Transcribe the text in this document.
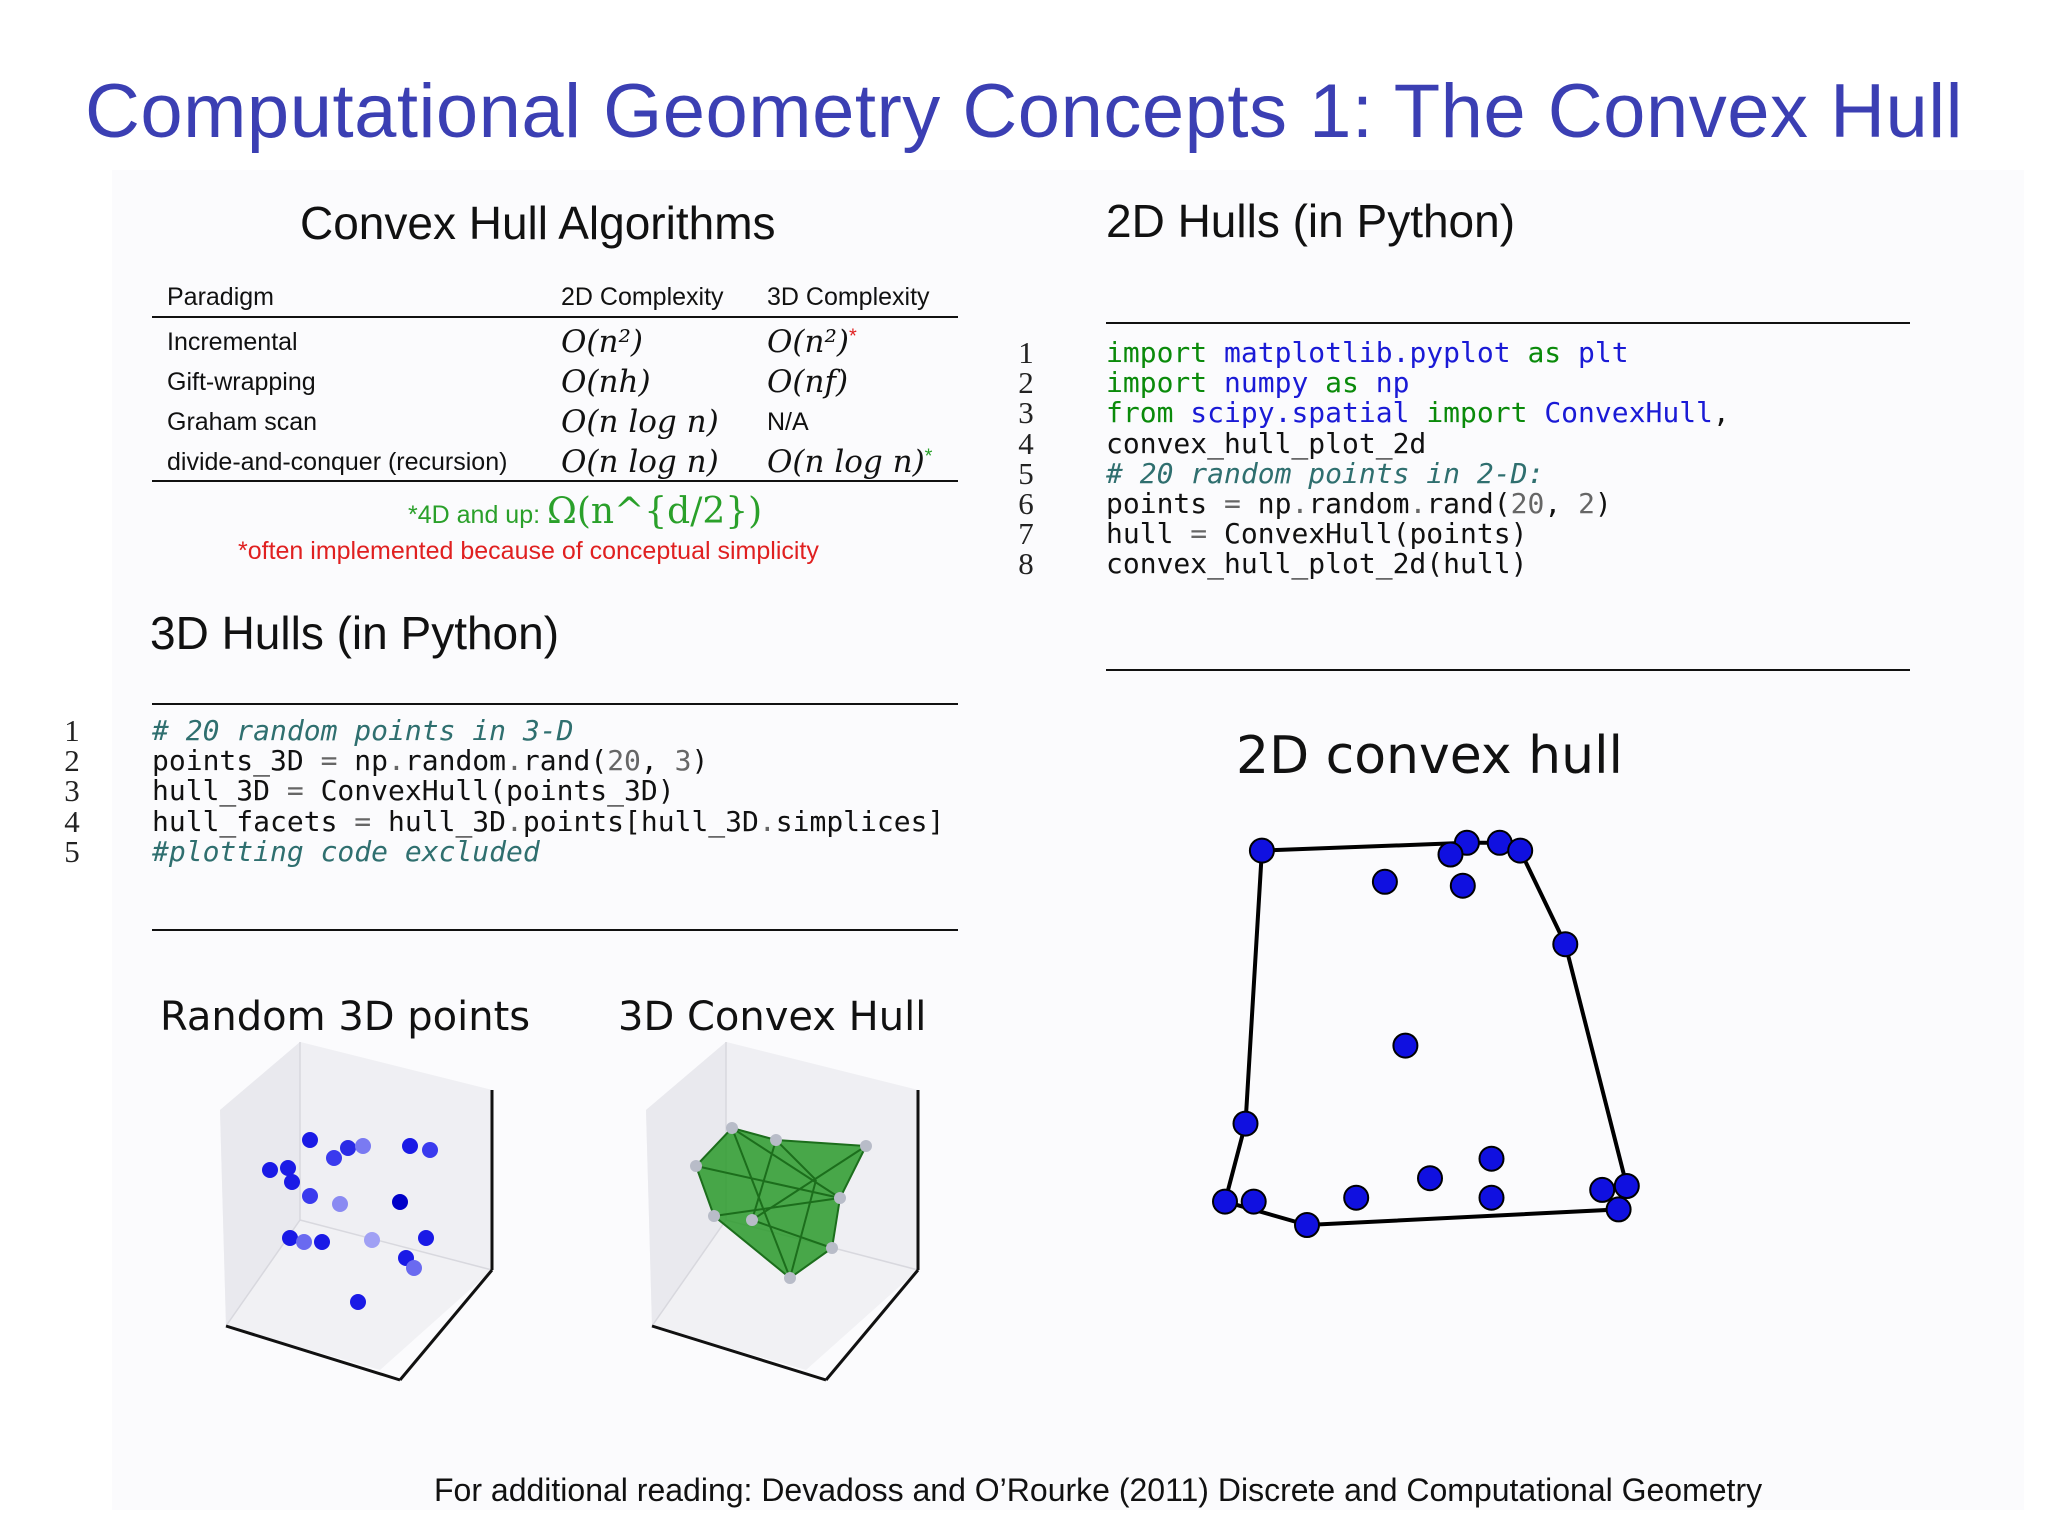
Computational Geometry Concepts 1: The Convex Hull
Convex Hull Algorithms
Paradigm	2D Complexity	3D Complexity
Incremental	O(n²)	O(n²)*
Gift-wrapping	O(nh)	O(nf)
Graham scan	O(n log n)	N/A
divide-and-conquer (recursion)	O(n log n)	O(n log n)*
*4D and up: Ω(n^{d/2})
*often implemented because of conceptual simplicity
3D Hulls (in Python)
1	# 20 random points in 3-D
2	points_3D = np.random.rand(20, 3)
3	hull_3D = ConvexHull(points_3D)
4	hull_facets = hull_3D.points[hull_3D.simplices]
5	#plotting code excluded
2D Hulls (in Python)
1	import matplotlib.pyplot as plt
2	import numpy as np
3	from scipy.spatial import ConvexHull,
4	convex_hull_plot_2d
5	# 20 random points in 2-D:
6	points = np.random.rand(20, 2)
7	hull = ConvexHull(points)
8	convex_hull_plot_2d(hull)
Random 3D points 3D Convex Hull
2D convex hull
For additional reading: Devadoss and O’Rourke (2011) Discrete and Computational Geometry
